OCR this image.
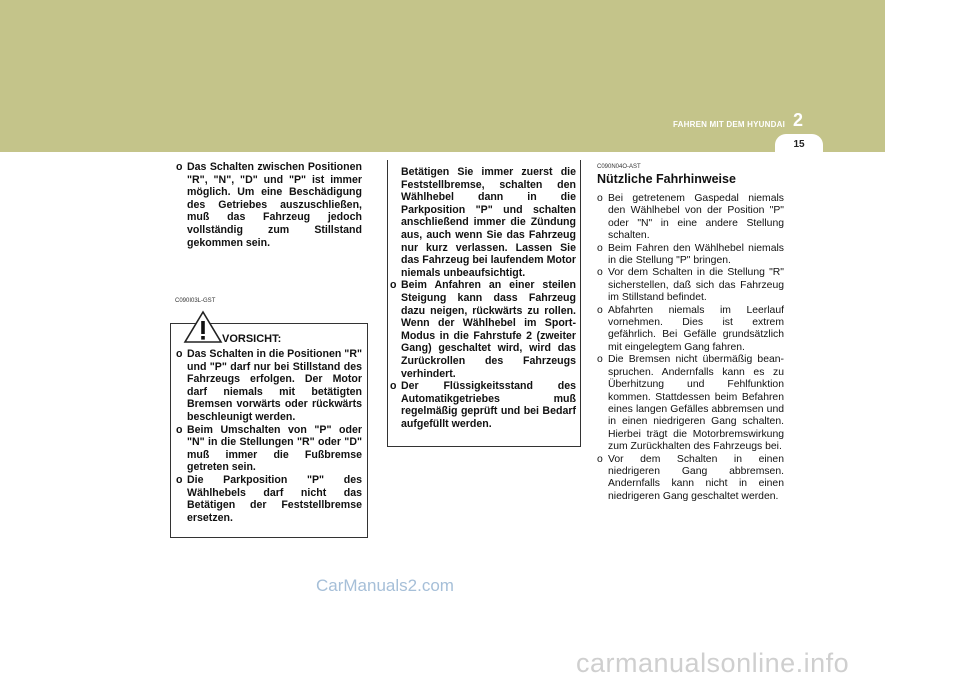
FAHREN MIT DEM HYUNDAI 2
15
o Das Schalten zwischen Positionen "R", "N", "D" und "P" ist immer möglich. Um eine Beschädigung des Getriebes auszuschließen, muß das Fahrzeug jedoch vollständig zum Stillstand gekommen sein.
C090I03L-GST
VORSICHT:
o Das Schalten in die Positionen "R" und "P" darf nur bei Stillstand des Fahrzeugs erfolgen. Der Motor darf niemals mit betätigten Bremsen vorwärts oder rückwärts beschleunigt werden.
o Beim Umschalten von "P" oder "N" in die Stellungen "R" oder "D" muß immer die Fußbremse getreten sein.
o Die Parkposition "P" des Wählhebels darf nicht das Betätigen der Feststellbremse ersetzen.
Betätigen Sie immer zuerst die Feststellbremse, schalten den Wählhebel dann in die Parkposition "P" und schalten anschließend immer die Zündung aus, auch wenn Sie das Fahrzeug nur kurz verlassen. Lassen Sie das Fahrzeug bei laufendem Motor niemals unbeaufsichtigt.
o Beim Anfahren an einer steilen Steigung kann dass Fahrzeug dazu neigen, rückwärts zu rollen. Wenn der Wählhebel im Sport-Modus in die Fahrstufe 2 (zweiter Gang) geschaltet wird, wird das Zurückrollen des Fahrzeugs verhindert.
o Der Flüssigkeitsstand des Automatikgetriebes muß regelmäßig geprüft und bei Bedarf aufgefüllt werden.
C090N04O-AST
Nützliche Fahrhinweise
o Bei getretenem Gaspedal niemals den Wählhebel von der Position "P" oder "N" in eine andere Stellung schalten.
o Beim Fahren den Wählhebel niemals in die Stellung "P" bringen.
o Vor dem Schalten in die Stellung "R" sicherstellen, daß sich das Fahrzeug im Stillstand befindet.
o Abfahrten niemals im Leerlauf vornehmen. Dies ist extrem gefährlich. Bei Gefälle grundsätzlich mit eingelegtem Gang fahren.
o Die Bremsen nicht übermäßig bean-spruchen. Andernfalls kann es zu Überhitzung und Fehlfunktion kommen. Stattdessen beim Befahren eines langen Gefälles abbremsen und in einen niedrigeren Gang schalten. Hierbei trägt die Motorbremswirkung zum Zurückhalten des Fahrzeugs bei.
o Vor dem Schalten in einen niedrigeren Gang abbremsen. Andernfalls kann nicht in einen niedrigeren Gang geschaltet werden.
CarManuals2.com
carmanualsonline.info
